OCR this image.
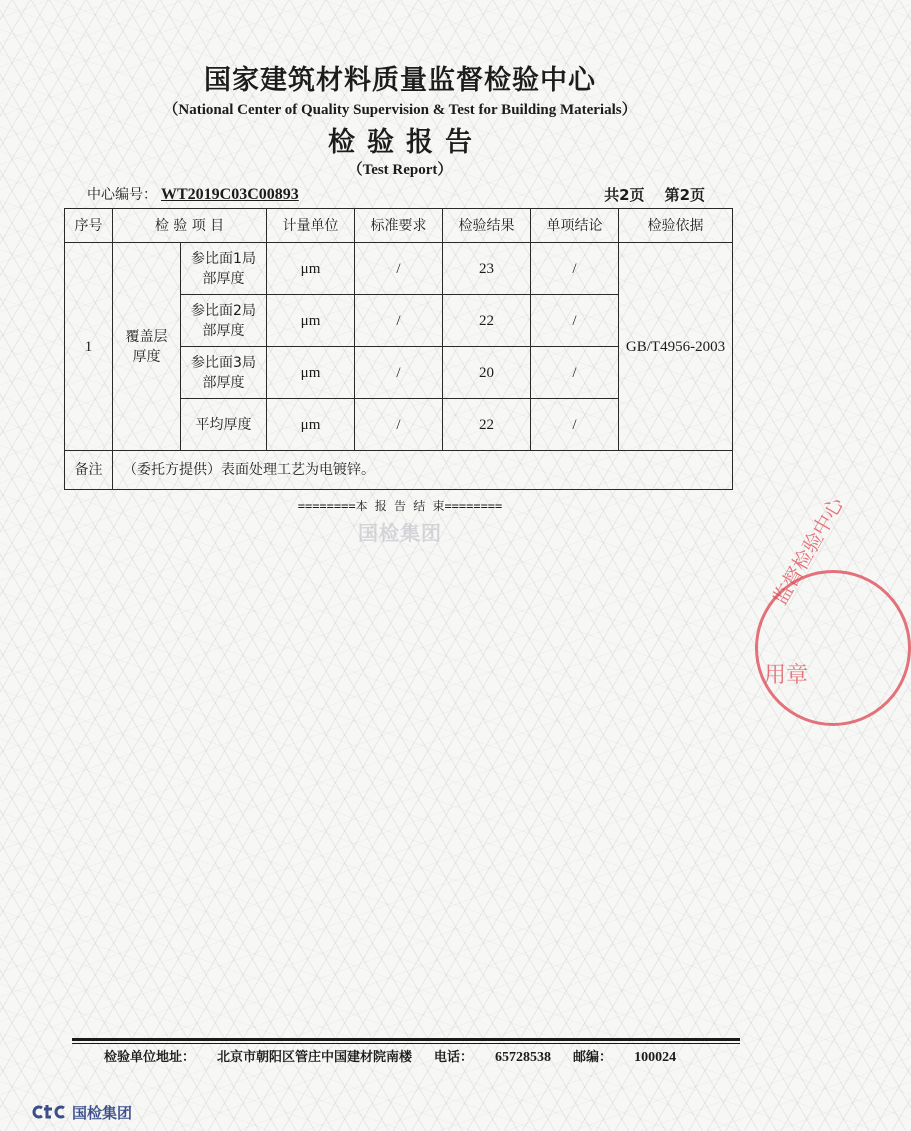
国家建筑材料质量监督检验中心
（National Center of Quality Supervision & Test for Building Materials）
检验报告
（Test Report）
中心编号： WT2019C03C00893	共2页 第2页
序号	检 验 项 目		计量单位	标准要求	检验结果	单项结论	检验依据
1	覆盖层厚度	参比面1局部厚度	μm	/	23	/	GB/T4956-2003
		参比面2局部厚度	μm	/	22	/	
		参比面3局部厚度	μm	/	20	/	
		平均厚度	μm	/	22	/	
备注	（委托方提供）表面处理工艺为电镀锌。						
========本 报 告 结 束========
国检集团	监督检验中心
用章
检验单位地址： 北京市朝阳区管庄中国建材院南楼 电话： 65728538 邮编： 100024
国检集团
